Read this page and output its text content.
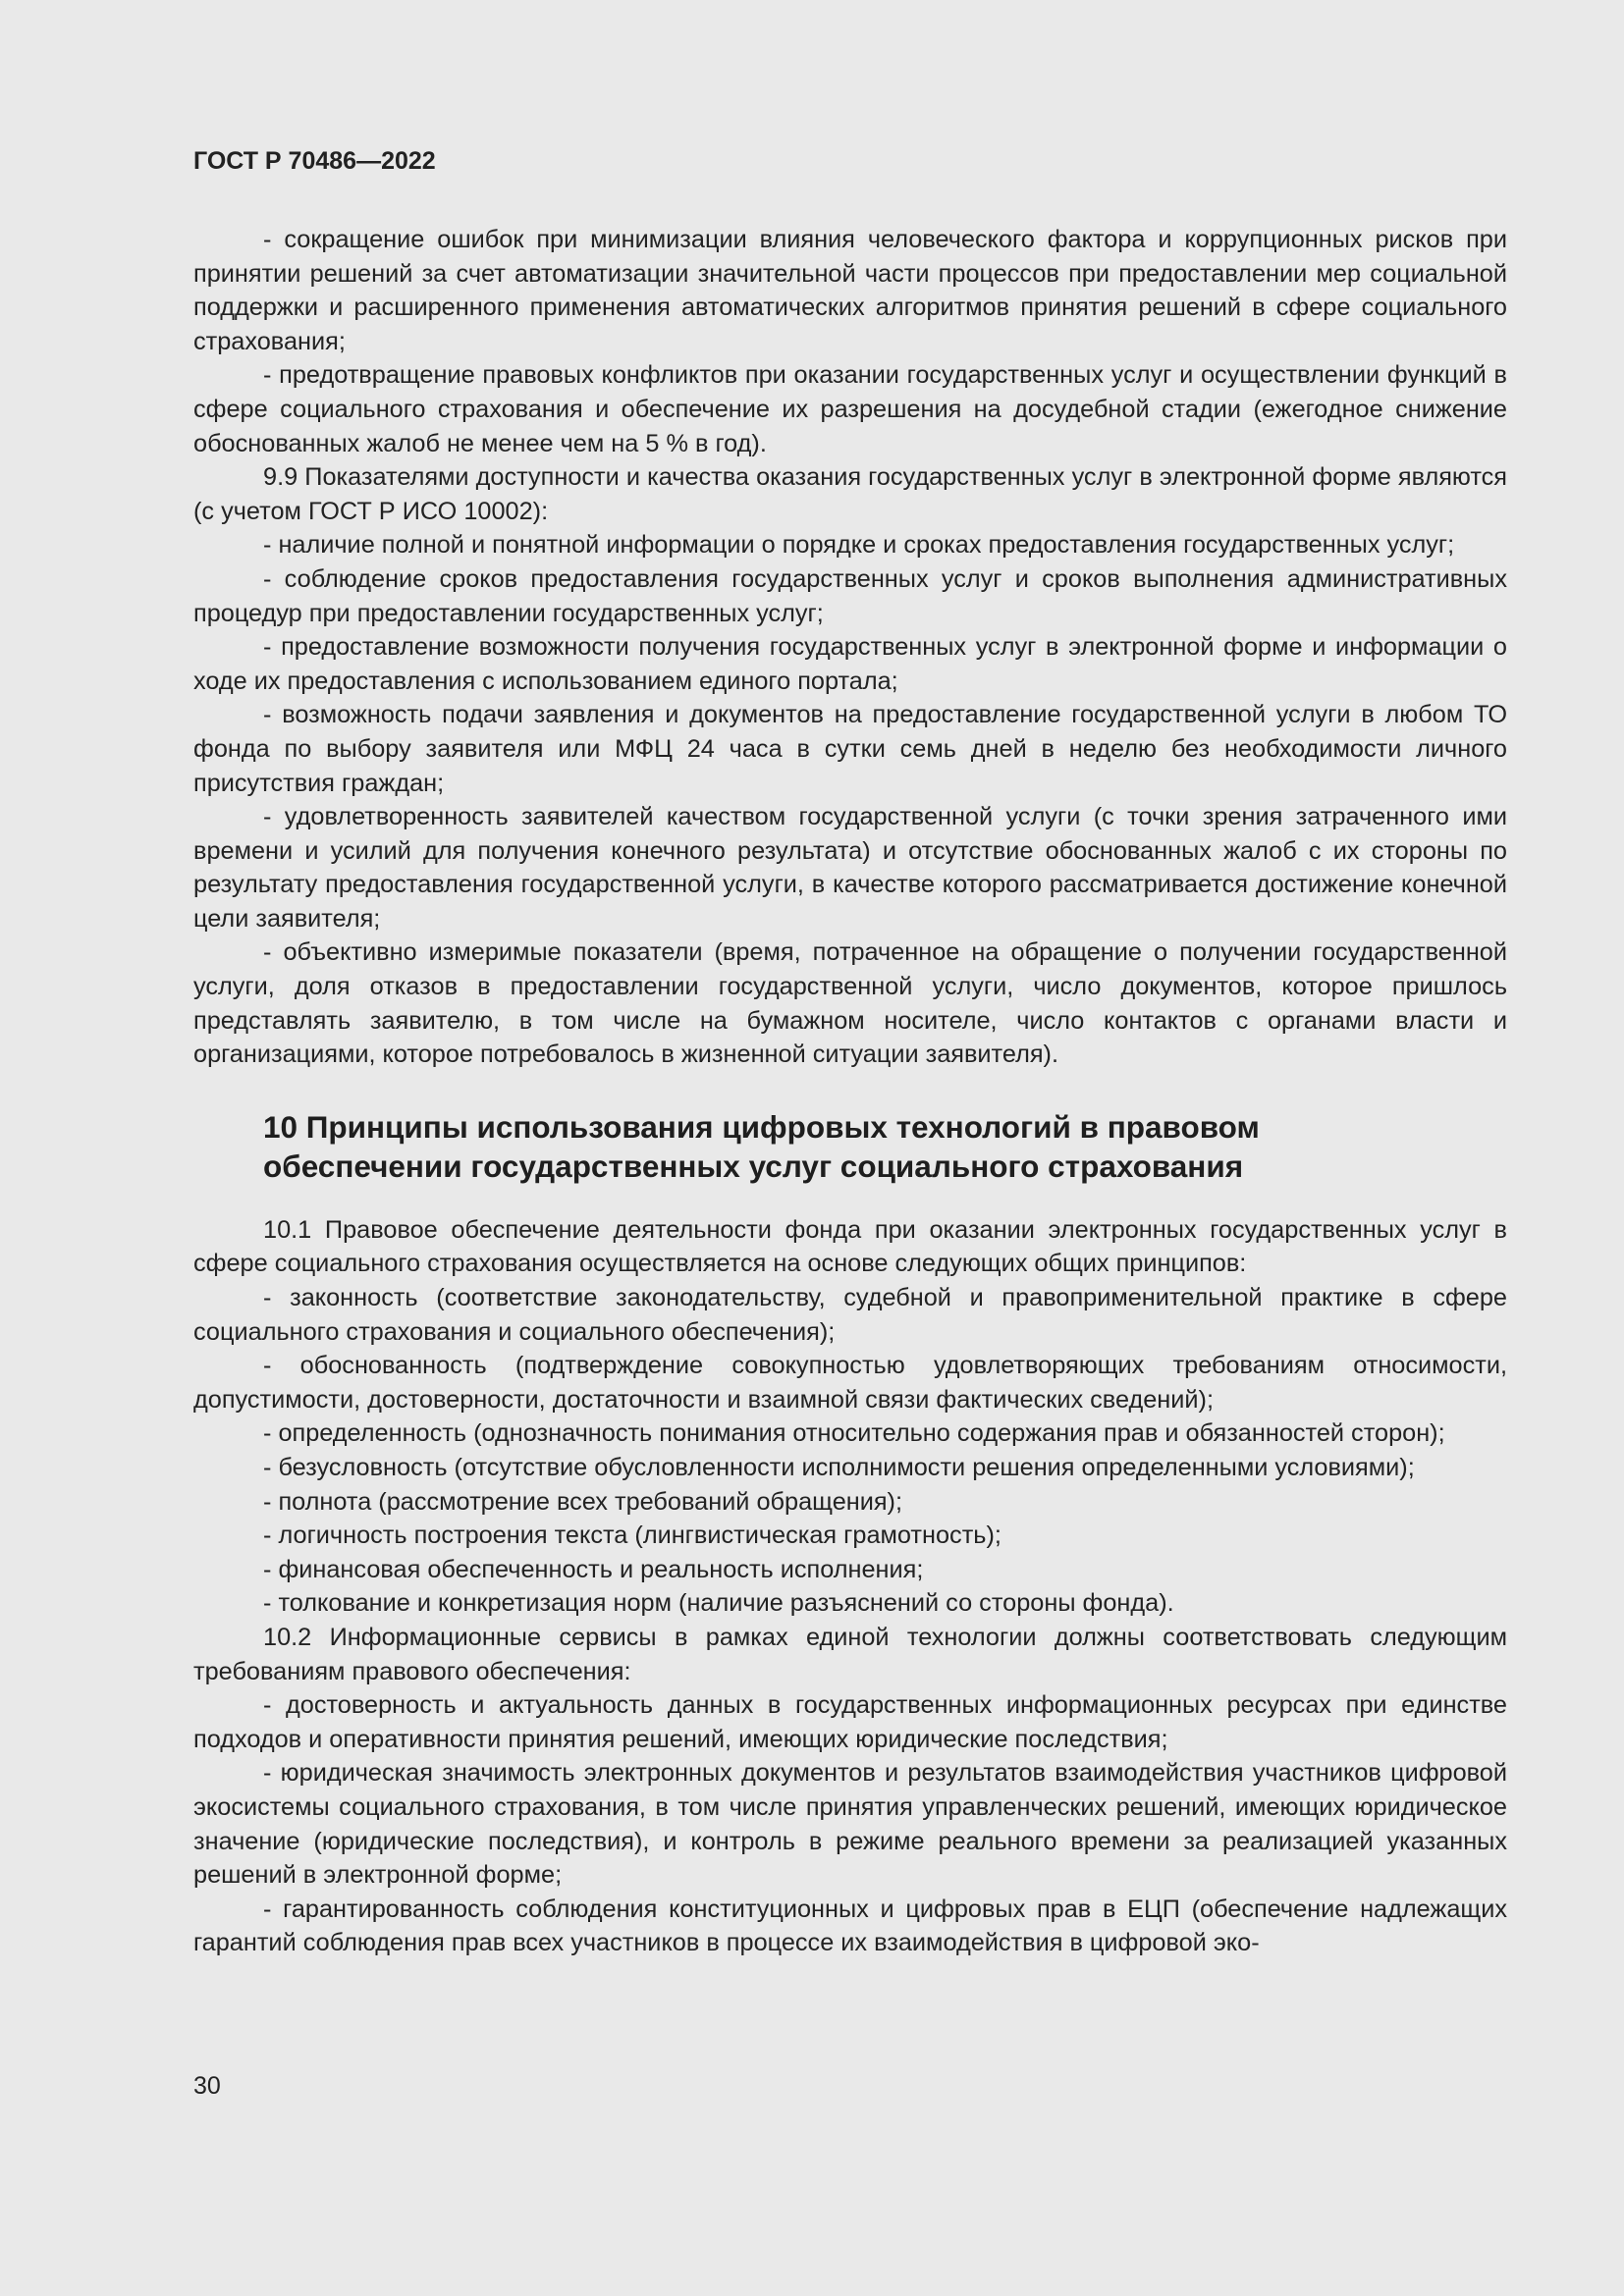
ГОСТ Р 70486—2022

- сокращение ошибок при минимизации влияния человеческого фактора и коррупционных рисков при принятии решений за счет автоматизации значительной части процессов при предоставлении мер социальной поддержки и расширенного применения автоматических алгоритмов принятия решений в сфере социального страхования;

- предотвращение правовых конфликтов при оказании государственных услуг и осуществлении функций в сфере социального страхования и обеспечение их разрешения на досудебной стадии (ежегодное снижение обоснованных жалоб не менее чем на 5 % в год).

9.9 Показателями доступности и качества оказания государственных услуг в электронной форме являются (с учетом ГОСТ Р ИСО 10002):

- наличие полной и понятной информации о порядке и сроках предоставления государственных услуг;

- соблюдение сроков предоставления государственных услуг и сроков выполнения административных процедур при предоставлении государственных услуг;

- предоставление возможности получения государственных услуг в электронной форме и информации о ходе их предоставления с использованием единого портала;

- возможность подачи заявления и документов на предоставление государственной услуги в любом ТО фонда по выбору заявителя или МФЦ 24 часа в сутки семь дней в неделю без необходимости личного присутствия граждан;

- удовлетворенность заявителей качеством государственной услуги (с точки зрения затраченного ими времени и усилий для получения конечного результата) и отсутствие обоснованных жалоб с их стороны по результату предоставления государственной услуги, в качестве которого рассматривается достижение конечной цели заявителя;

- объективно измеримые показатели (время, потраченное на обращение о получении государственной услуги, доля отказов в предоставлении государственной услуги, число документов, которое пришлось представлять заявителю, в том числе на бумажном носителе, число контактов с органами власти и организациями, которое потребовалось в жизненной ситуации заявителя).

10 Принципы использования цифровых технологий в правовом
обеспечении государственных услуг социального страхования

10.1 Правовое обеспечение деятельности фонда при оказании электронных государственных услуг в сфере социального страхования осуществляется на основе следующих общих принципов:

- законность (соответствие законодательству, судебной и правоприменительной практике в сфере социального страхования и социального обеспечения);

- обоснованность (подтверждение совокупностью удовлетворяющих требованиям относимости, допустимости, достоверности, достаточности и взаимной связи фактических сведений);

- определенность (однозначность понимания относительно содержания прав и обязанностей сторон);

- безусловность (отсутствие обусловленности исполнимости решения определенными условиями);

- полнота (рассмотрение всех требований обращения);

- логичность построения текста (лингвистическая грамотность);

- финансовая обеспеченность и реальность исполнения;

- толкование и конкретизация норм (наличие разъяснений со стороны фонда).

10.2 Информационные сервисы в рамках единой технологии должны соответствовать следующим требованиям правового обеспечения:

- достоверность и актуальность данных в государственных информационных ресурсах при единстве подходов и оперативности принятия решений, имеющих юридические последствия;

- юридическая значимость электронных документов и результатов взаимодействия участников цифровой экосистемы социального страхования, в том числе принятия управленческих решений, имеющих юридическое значение (юридические последствия), и контроль в режиме реального времени за реализацией указанных решений в электронной форме;

- гарантированность соблюдения конституционных и цифровых прав в ЕЦП (обеспечение надлежащих гарантий соблюдения прав всех участников в процессе их взаимодействия в цифровой эко-

30
